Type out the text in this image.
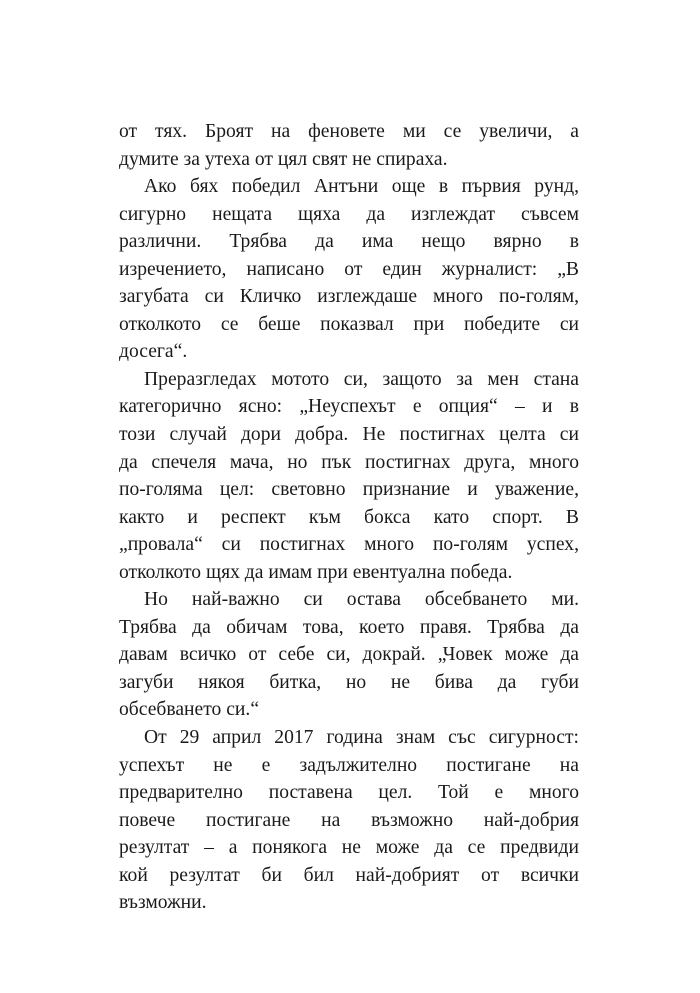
от тях. Броят на феновете ми се увеличи, а
думите за утеха от цял свят не спираха.
Ако бях победил Антъни още в първия рунд,
сигурно нещата щяха да изглеждат съвсем
различни. Трябва да има нещо вярно в
изречението, написано от един журналист: „В
загубата си Кличко изглеждаше много по-голям,
отколкото се беше показвал при победите си
досега“.
Преразгледах мотото си, защото за мен стана
категорично ясно: „Неуспехът е опция“ – и в
този случай дори добра. Не постигнах целта си
да спечеля мача, но пък постигнах друга, много
по-голяма цел: световно признание и уважение,
както и респект към бокса като спорт. В
„провала“ си постигнах много по-голям успех,
отколкото щях да имам при евентуална победа.
Но най-важно си остава обсебването ми.
Трябва да обичам това, което правя. Трябва да
давам всичко от себе си, докрай. „Човек може да
загуби някоя битка, но не бива да губи
обсебването си.“
От 29 април 2017 година знам със сигурност:
успехът не е задължително постигане на
предварително поставена цел. Той е много
повече постигане на възможно най-добрия
резултат – а понякога не може да се предвиди
кой резултат би бил най-добрият от всички
възможни.
